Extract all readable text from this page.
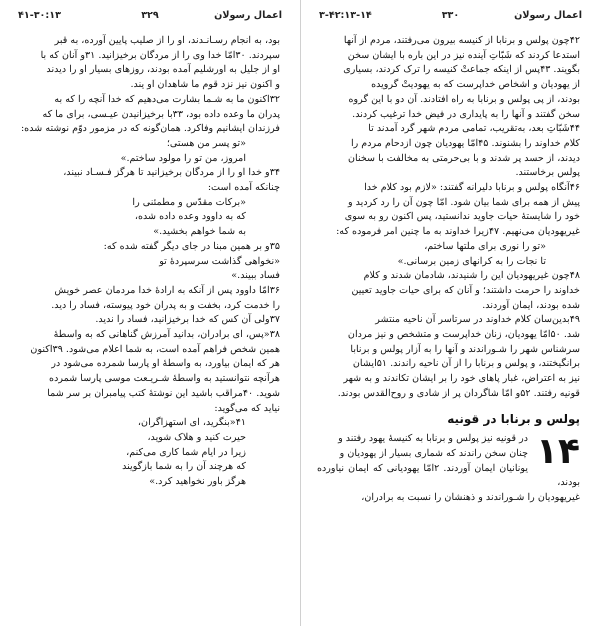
۴۱-۳۰:۱۳	۳۲۹	اعمال رسولان

بود، به انجام رسـانـدند، او را از صلیب پایین آورده، به قبر
سپردند. ۳۰امّا خدا وی را از مردگان برخیزانید. ۳۱و آنان که با
او از جلیل به اورشلیم آمده بودند، روزهای بسیار او را دیدند
و اکنون نیز نزد قوم ما شاهدان او یند.

۳۲اکنون ما به شـما بشارت می‌دهیم که خدا آنچه را که به
پدران ما وعده داده بود، ۳۳با برخیزانیدن عیـسی، برای ما که
فرزندان ایشانیم وفاکرد. همان‌گونه که در مزمور دوّم نوشته شده:

«تو پسر من هستی؛
امروز، من تو را مولود ساختم.»

۳۴و خدا او را از مردگان برخیزانید تا هرگز فـسـاد نبیند،
چنانکه آمده است:

«برکات مقدّس و مطمئنی را
که به داوود وعده داده شده،
به شما خواهم بخشید.»

۳۵و بر همین مبنا در جای دیگر گفته شده که:
«نخواهی گذاشت سرسپردهٔ تو
فساد ببیند.»

۳۶امّا داوود پس از آنکه به ارادهٔ خدا مردمان عصر خویش
را خدمت کرد، بخفت و به پدران خود پیوسته، فساد را دید.
۳۷ولی آن کس که خدا برخیزانید، فساد را ندید.

۳۸«پس، ای برادران، بدانید آمرزش گناهانی که به واسطهٔ
همین شخص فراهم آمده است، به شما اعلام می‌شود. ۳۹اکنون
هر که ایمان بیاورد، به واسطهٔ او پارسا شمرده می‌شود در
هرآنچه نتوانستید به واسطهٔ شـریـعت موسی پارسا شمرده
شوید. ۴۰مراقب باشید این نوشتهٔ کتب پیامبران بر سر شما
نیاید که می‌گوید:

۴۱«بنگرید، ای استهزاگران،
حیرت کنید و هلاک شوید،
زیرا در ایام شما کاری می‌کنم،
که هرچند آن را به شما بازگویند
هرگز باور نخواهید کرد.»

۳-۴۲:۱۳-۱۴	۳۳۰	اعمال رسولان

۴۲چون پولس و برنابا از کنیسه بیرون می‌رفتند، مردم از آنها
استدعا کردند که شَبّاتِ آینده نیز در این باره با ایشان سخن
بگویند. ۴۳پس از اینکه جماعتْ کنیسه را ترک کردند، بسیاری
از یهودیان و اشخاص خداپرست که به یهودیتْ گرویده
بودند، از پی پولس و برنابا به راه افتادند. آن دو با این گروه
سخن گفتند و آنها را به پایداری در فیض خدا ترغیب کردند.

۴۴شَبّاتِ بعد، به‌تقریب، تمامی مردم شهر گرد آمدند تا
کلام خداوند را بشنوند. ۴۵امّا یهودیان چون ازدحام مردم را
دیدند، از حسد پر شدند و با بی‌حرمتی به مخالفت با سخنان
پولس برخاستند.

۴۶آنگاه پولس و برنابا دلیرانه گفتند: «لازم بود کلام خدا
پیش از همه برای شما بیان شود. امّا چون آن را رد کردید و
خود را شایستهٔ حیات جاوید ندانستید، پس اکنون رو به سوی
غیریهودیان می‌نهیم. ۴۷زیرا خداوند به ما چنین امر فرموده که:

«تو را نوری برای ملتها ساختم،
تا نجات را به کرانهای زمین برسانی.»

۴۸چون غیریهودیان این را شنیدند، شادمان شدند و کلام
خداوند را حرمت داشتند؛ و آنان که برای حیات جاوید تعیین
شده بودند، ایمان آوردند.

۴۹بدین‌سان کلام خداوند در سرتاسر آن ناحیه منتشر
شد. ۵۰امّا یهودیان، زنان خداپرست و متشخص و نیز مردان
سرشناس شهر را شـوراندند و آنها را به آزار پولس و برنابا
برانگیختند، و پولس و برنابا را از آن ناحیه راندند. ۵۱ایشان
نیز به اعتراض، غبار پاهای خود را بر ایشان تکاندند و به شهر
قونیه رفتند. ۵۲و امّا شاگردان پر از شادی و روح‌القدس بودند.

پولس و برنابا در قونیه
۱۴

در قونیه نیز پولس و برنابا به کنیسهٔ یهود رفتند و
چنان سخن راندند که شماری بسیار از یهودیان و
یونانیان ایمان آوردند. ۲امّا یهودیانی که ایمان نیاورده بودند،
غیریهودیان را شـوراندند و ذهنشان را نسبت به برادران،
